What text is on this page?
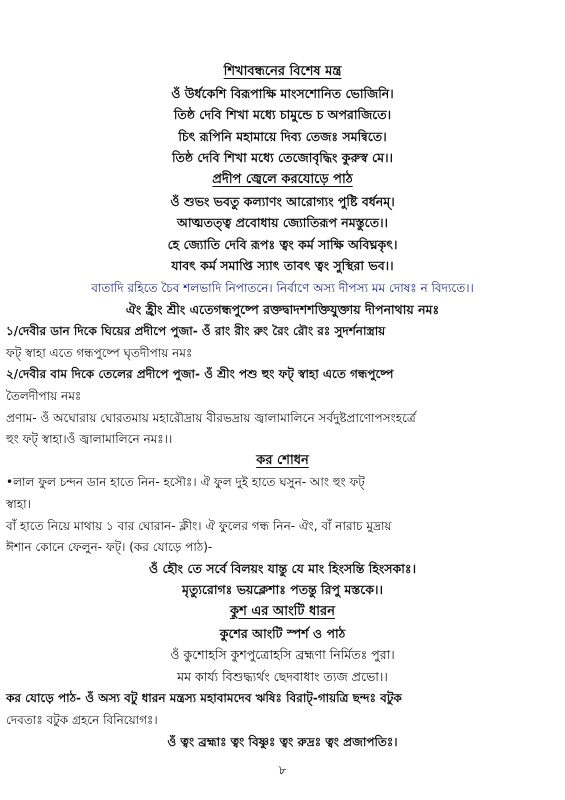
শিখাবন্ধনের বিশেষ মন্ত্র

ওঁ উর্ধকেশি বিরূপাক্ষি মাংসশোনিত ভোজিনি।

তিষ্ঠ দেবি শিখা মধ্যে চামুন্ডে চ অপরাজিতে।

চিৎ রূপিনি মহামায়ে দিব্য তেজঃ সমন্বিতে।

তিষ্ঠ দেবি শিখা মধ্যে তেজোবৃদ্ধিং কুরুস্ব মে।।

প্রদীপ জ্বেলে করযোড়ে পাঠ

ওঁ শুভং ভবতু কল্যাণং আরোগ্যং পুষ্টি বর্ধনম্।

আত্মতত্ত্ব প্রবোধায় জ্যোতিরূপ নমস্তুতে।।

হে জ্যোতি দেবি রূপঃ ত্বং কর্ম সাক্ষি অবিঘ্নকৃৎ।

যাবৎ কর্ম সমাপ্তি স্যাৎ তাবৎ ত্বং সুস্থিরা ভব।।

বাতাদি রহিতে চৈব শলভাদি নিপাতনে। নির্বাণে অস্য দীপস্য মম দোষঃ ন বিদ্যতে।।

ঐং হ্রীং শ্রীং এতেগন্ধপুষ্পে রক্তদ্বাদশশক্তিযুক্তায় দীপনাথায় নমঃ

১/দেবীর ডান দিকে ঘিয়ের প্রদীপে পুজা- ওঁ রাং রীং রুং রৈং রৌং রঃ সুদর্শনাস্ত্রায়

ফট্ স্বাহা এতে গন্ধপুষ্পে ঘৃতদীপায় নমঃ

২/দেবীর বাম দিকে তেলের প্রদীপে পুজা- ওঁ শ্রীং পশু হুং ফট্ স্বাহা এতে গন্ধপুষ্পে

তৈলদীপায় নমঃ

প্রণাম- ওঁ অঘোরায় ঘোরতমায় মহারৌদ্রায় বীরভদ্রায় জ্বালামালিনে সর্বদুষ্টপ্রাণোপসংহর্ত্রে

হুং ফট্ স্বাহা।ওঁ জ্বালামালিনে নমঃ।।

কর শোধন

•লাল ফুল চন্দন ডান হাতে নিন- হসৌঃ। ঐ ফুল দুই হাতে ঘসুন- আং হুং ফট্

স্বাহা।

বাঁ হাতে নিয়ে মাথায় ১ বার ঘোরান- ক্লীং। ঐ ফুলের গন্ধ নিন- ঐং, বাঁ নারাচ মুদ্রায়

ঈশান কোনে ফেলুন- ফট্। (কর যোড়ে পাঠ)-

ওঁ হৌং তে সর্বে বিলয়ং যান্তু যে মাং হিংসন্তি হিংসকাঃ।

মৃত্যুরোগঃ ভয়ক্লেশাঃ পতন্তু রিপু মস্তকে।।

কুশ এর আংটি ধারন

কুশের আংটি স্পর্শ ও পাঠ

ওঁ কুশোহসি কুশপুত্রোহসি ব্রহ্মণা নির্মিতঃ পুরা।

মম কার্য্য বিশুদ্ধ্যর্থং ছেদবাধাং ত্যজ প্রভো।।

কর যোড়ে পাঠ- ওঁ অস্য বটু ধারন মন্ত্রস্য মহাবামদেব ঋষিঃ বিরাট্-গায়ত্রি ছন্দঃ বটুক

দেবতাঃ বটুক গ্রহনে বিনিয়োগঃ।

ওঁ ত্বং ব্রহ্মাঃ ত্বং বিষ্ণুঃ ত্বং রুদ্রঃ ত্বং প্রজাপতিঃ।

৮
